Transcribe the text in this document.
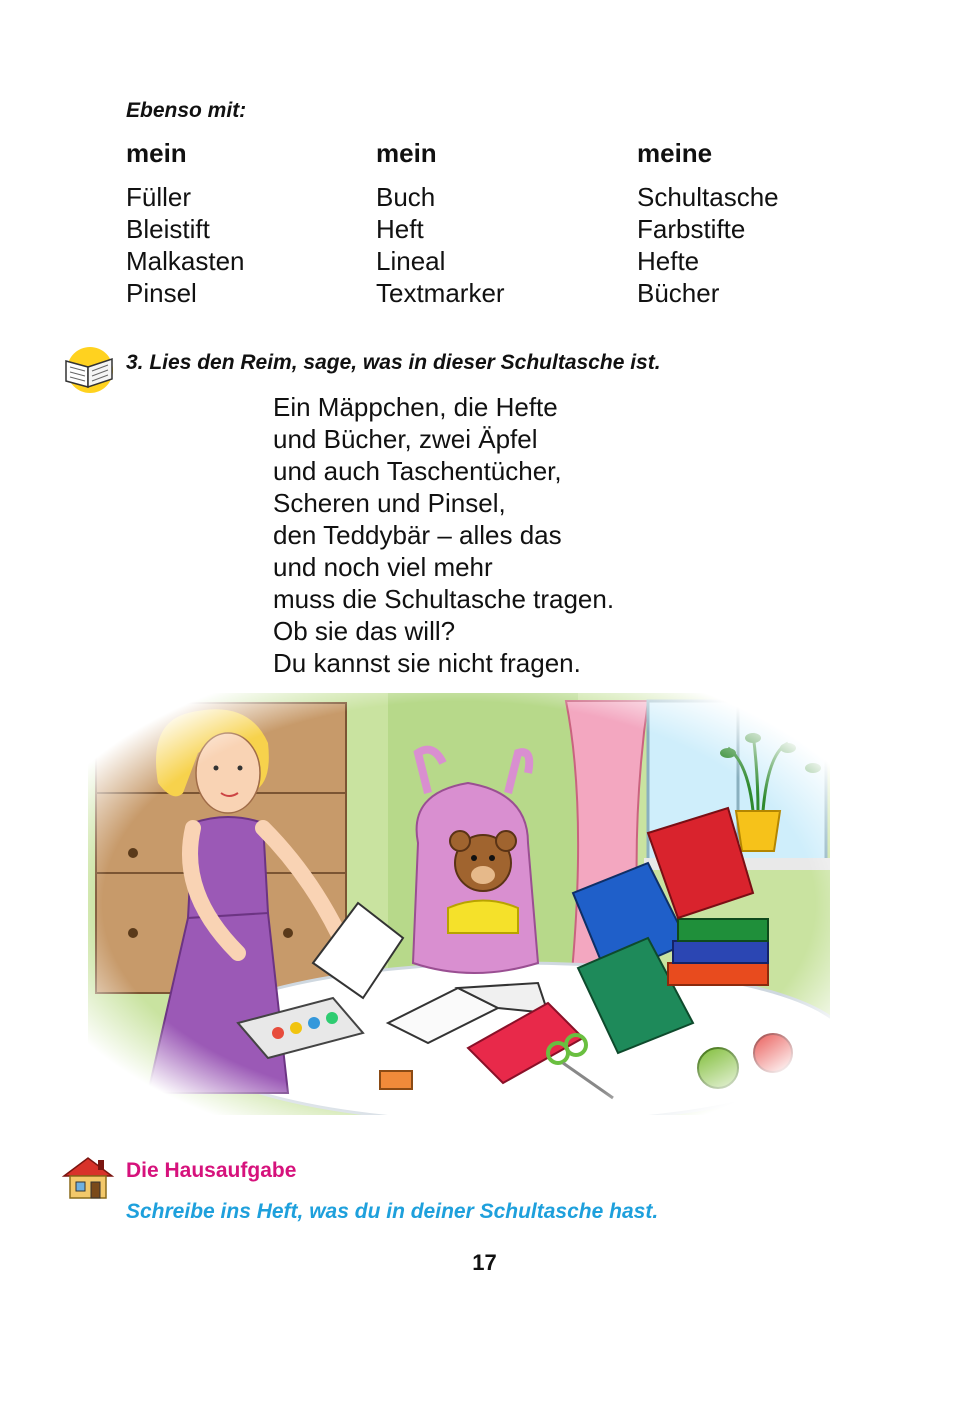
Ebenso mit:
mein
Füller
Bleistift
Malkasten
Pinsel
mein
Buch
Heft
Lineal
Textmarker
meine
Schultasche
Farbstifte
Hefte
Bücher
3. Lies den Reim, sage, was in dieser Schultasche ist.
Ein Mäppchen, die Hefte
und Bücher, zwei Äpfel
und auch Taschentücher,
Scheren und Pinsel,
den Teddybär – alles das
und noch viel mehr
muss die Schultasche tragen.
Ob sie das will?
Du kannst sie nicht fragen.
Die Hausaufgabe
Schreibe ins Heft, was du in deiner Schultasche hast.
17
